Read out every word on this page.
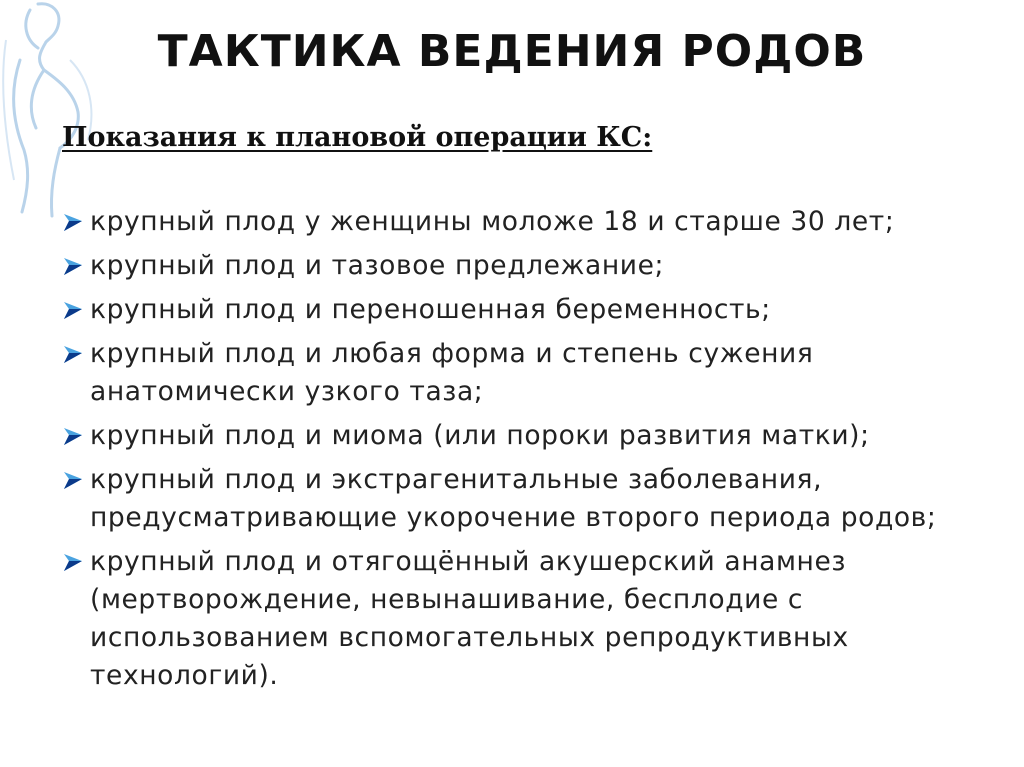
ТАКТИКА ВЕДЕНИЯ РОДОВ
Показания к плановой операции КС:
крупный плод у женщины моложе 18 и старше 30 лет;
крупный плод и тазовое предлежание;
крупный плод и переношенная беременность;
крупный плод и любая форма и степень сужения анатомически узкого таза;
крупный плод и миома (или пороки развития матки);
крупный плод и экстрагенитальные заболевания, предусматривающие укорочение второго периода родов;
крупный плод и отягощённый акушерский анамнез (мертворождение, невынашивание, бесплодие с использованием вспомогательных репродуктивных технологий).
